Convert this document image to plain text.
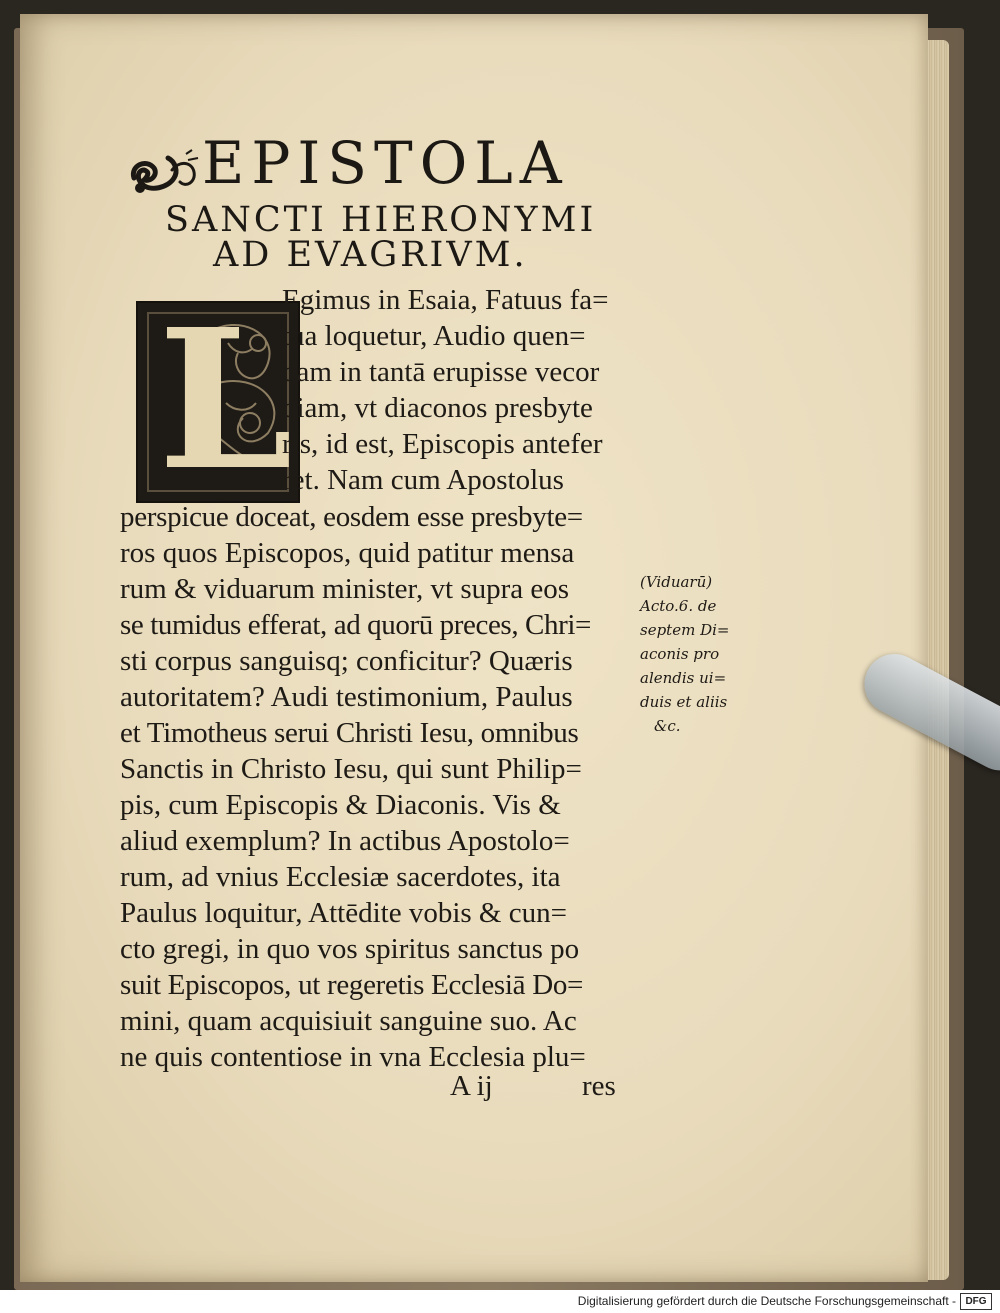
EPISTOLA
SANCTI HIERONYMI
AD EVAGRIVM.
L
Egimus in Esaia, Fatuus fa=
tua loquetur, Audio quen=
dam in tantā erupisse vecor
diam, vt diaconos presbyte
ris, id est, Episcopis antefer
ret. Nam cum Apostolus
perspicue doceat, eosdem esse presbyte=
ros quos Episcopos, quid patitur mensa
rum & viduarum minister, vt supra eos
se tumidus efferat, ad quorū preces, Chri=
sti corpus sanguisq; conficitur? Quæris
autoritatem? Audi testimonium, Paulus
et Timotheus serui Christi Iesu, omnibus
Sanctis in Christo Iesu, qui sunt Philip=
pis, cum Episcopis & Diaconis. Vis &
aliud exemplum? In actibus Apostolo=
rum, ad vnius Ecclesiæ sacerdotes, ita
Paulus loquitur, Attēdite vobis & cun=
cto gregi, in quo vos spiritus sanctus po
suit Episcopos, ut regeretis Ecclesiā Do=
mini, quam acquisiuit sanguine suo. Ac
ne quis contentiose in vna Ecclesia plu=
(Viduarū)
Acto.6. de
septem Di=
aconis pro
alendis ui=
duis et aliis
&c.
A ij	res
Digitalisierung gefördert durch die Deutsche Forschungsgemeinschaft - DFG
